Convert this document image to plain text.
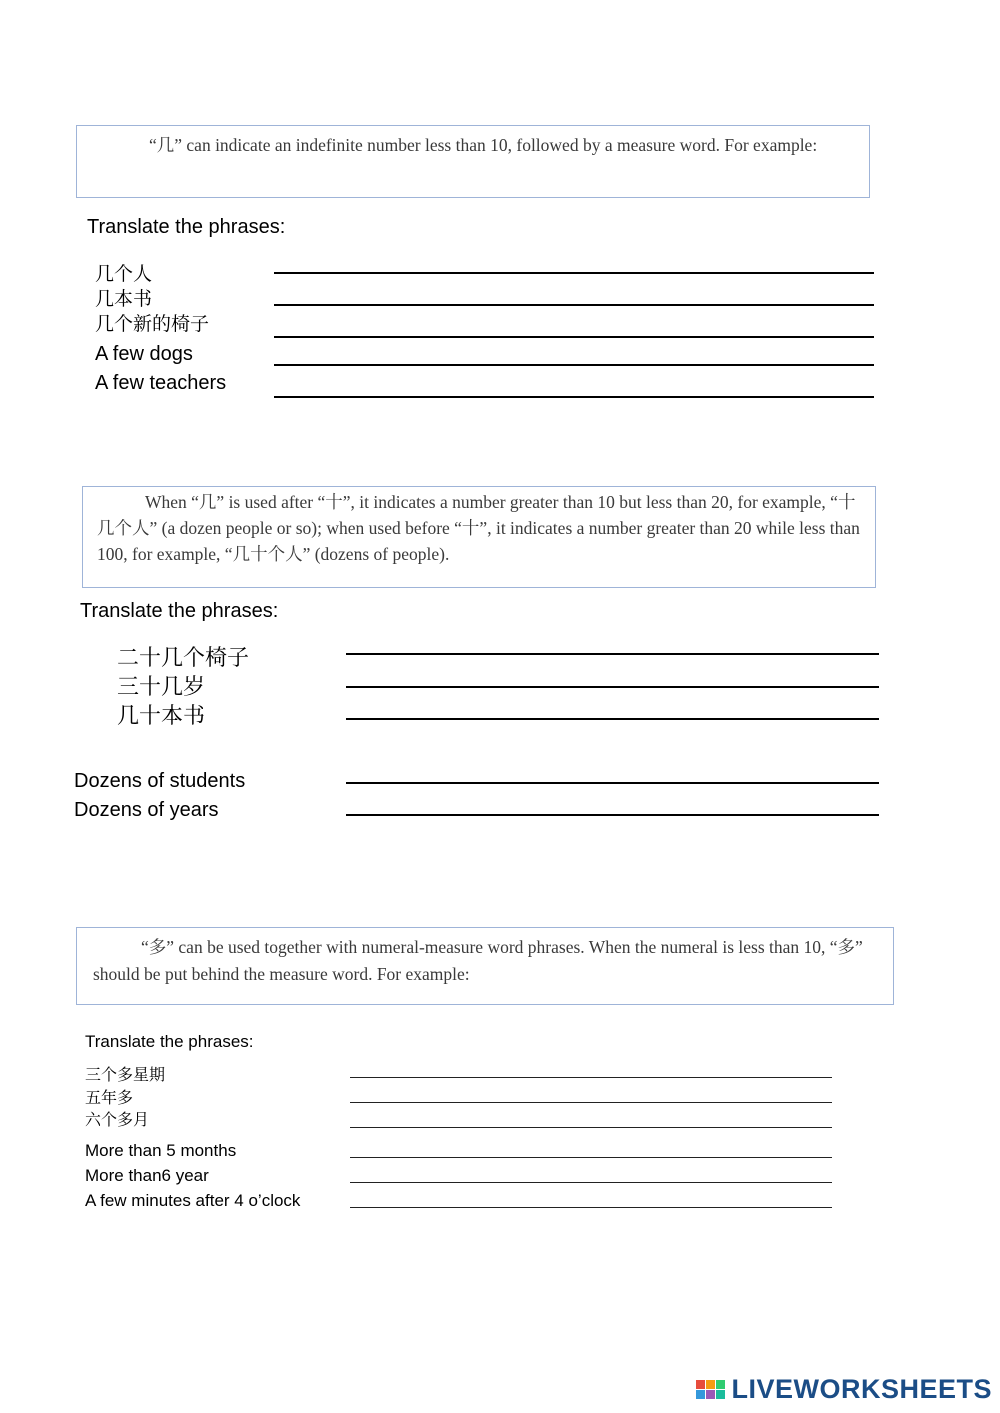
“几” can indicate an indefinite number less than 10, followed by a measure word. For example:

Translate the phrases:
几个人
几本书
几个新的椅子
A few dogs
A few teachers

When “几” is used after “十”, it indicates a number greater than 10 but less than 20, for example, “十几个人” (a dozen people or so); when used before “十”, it indicates a number greater than 20 while less than 100, for example, “几十个人” (dozens of people).

Translate the phrases:
二十几个椅子
三十几岁
几十本书
Dozens of students
Dozens of years

“多” can be used together with numeral-measure word phrases. When the numeral is less than 10, “多” should be put behind the measure word. For example:

Translate the phrases:
三个多星期
五年多
六个多月
More than 5 months
More than6 year
A few minutes after 4 o’clock
LIVEWORKSHEETS
